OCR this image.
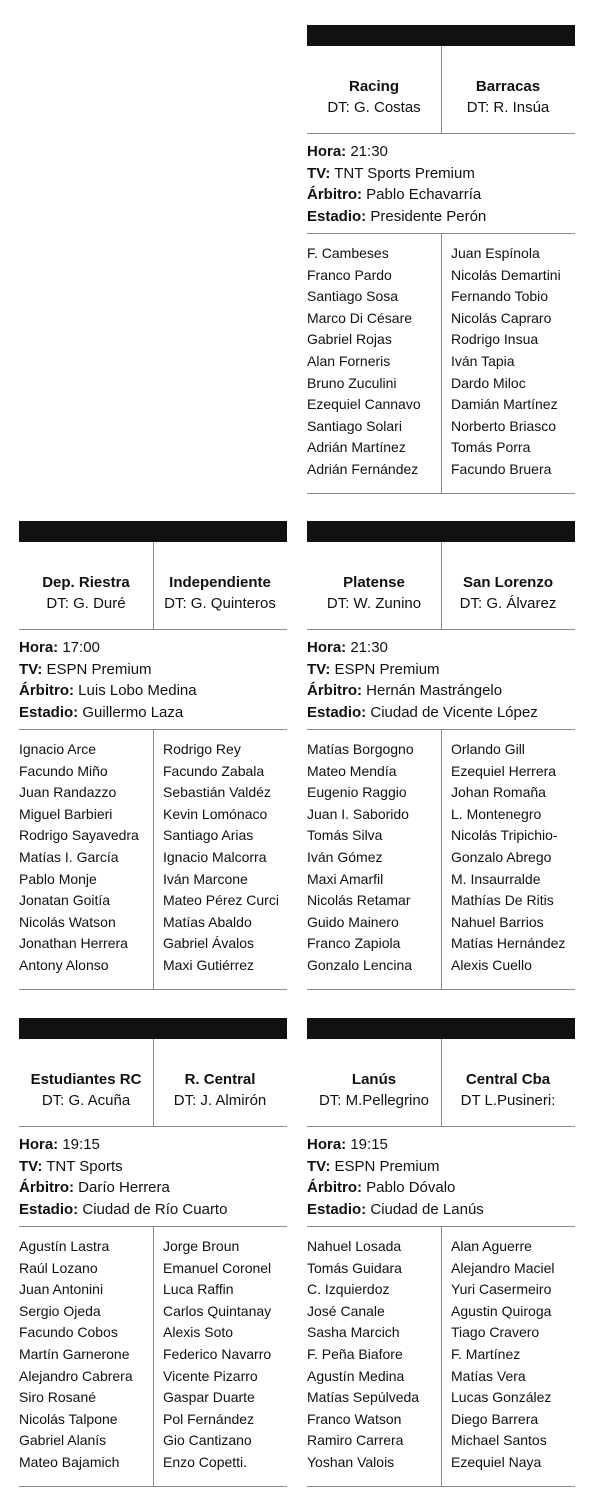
Racing
DT: G. Costas
Barracas
DT: R. Insúa
Hora: 21:30
TV: TNT Sports Premium
Árbitro: Pablo Echavarría
Estadio: Presidente Perón
F. Cambeses
Franco Pardo
Santiago Sosa
Marco Di Césare
Gabriel Rojas
Alan Forneris
Bruno Zuculini
Ezequiel Cannavo
Santiago Solari
Adrián Martínez
Adrián Fernández
Juan Espínola
Nicolás Demartini
Fernando Tobio
Nicolás Capraro
Rodrigo Insua
Iván Tapia
Dardo Miloc
Damián Martínez
Norberto Briasco
Tomás Porra
Facundo Bruera
Dep. Riestra
DT: G. Duré
Independiente
DT: G. Quinteros
Hora: 17:00
TV: ESPN Premium
Árbitro: Luis Lobo Medina
Estadio: Guillermo Laza
Ignacio Arce
Facundo Miño
Juan Randazzo
Miguel Barbieri
Rodrigo Sayavedra
Matías I. García
Pablo Monje
Jonatan Goitía
Nicolás Watson
Jonathan Herrera
Antony Alonso
Rodrigo Rey
Facundo Zabala
Sebastián Valdéz
Kevin Lomónaco
Santiago Arias
Ignacio Malcorra
Iván Marcone
Mateo Pérez Curci
Matías Abaldo
Gabriel Ávalos
Maxi Gutiérrez
Platense
DT: W. Zunino
San Lorenzo
DT: G. Álvarez
Hora: 21:30
TV: ESPN Premium
Árbitro: Hernán Mastrángelo
Estadio: Ciudad de Vicente López
Matías Borgogno
Mateo Mendía
Eugenio Raggio
Juan I. Saborido
Tomás Silva
Iván Gómez
Maxi Amarfil
Nicolás Retamar
Guido Mainero
Franco Zapiola
Gonzalo Lencina
Orlando Gill
Ezequiel Herrera
Johan Romaña
L. Montenegro
Nicolás Tripichio-
Gonzalo Abrego
M. Insaurralde
Mathías De Ritis
Nahuel Barrios
Matías Hernández
Alexis Cuello
Estudiantes RC
DT: G. Acuña
R. Central
DT: J. Almirón
Hora: 19:15
TV: TNT Sports
Árbitro: Darío Herrera
Estadio: Ciudad de Río Cuarto
Agustín Lastra
Raúl Lozano
Juan Antonini
Sergio Ojeda
Facundo Cobos
Martín Garnerone
Alejandro Cabrera
Siro Rosané
Nicolás Talpone
Gabriel Alanís
Mateo Bajamich
Jorge Broun
Emanuel Coronel
Luca Raffin
Carlos Quintanay
Alexis Soto
Federico Navarro
Vicente Pizarro
Gaspar Duarte
Pol Fernández
Gio Cantizano
Enzo Copetti.
Lanús
DT: M.Pellegrino
Central Cba
DT L.Pusineri:
Hora: 19:15
TV: ESPN Premium
Árbitro: Pablo Dóvalo
Estadio: Ciudad de Lanús
Nahuel Losada
Tomás Guidara
C. Izquierdoz
José Canale
Sasha Marcich
F. Peña Biafore
Agustín Medina
Matías Sepúlveda
Franco Watson
Ramiro Carrera
Yoshan Valois
Alan Aguerre
Alejandro Maciel
Yuri Casermeiro
Agustin Quiroga
Tiago Cravero
F. Martínez
Matías Vera
Lucas González
Diego Barrera
Michael Santos
Ezequiel Naya
